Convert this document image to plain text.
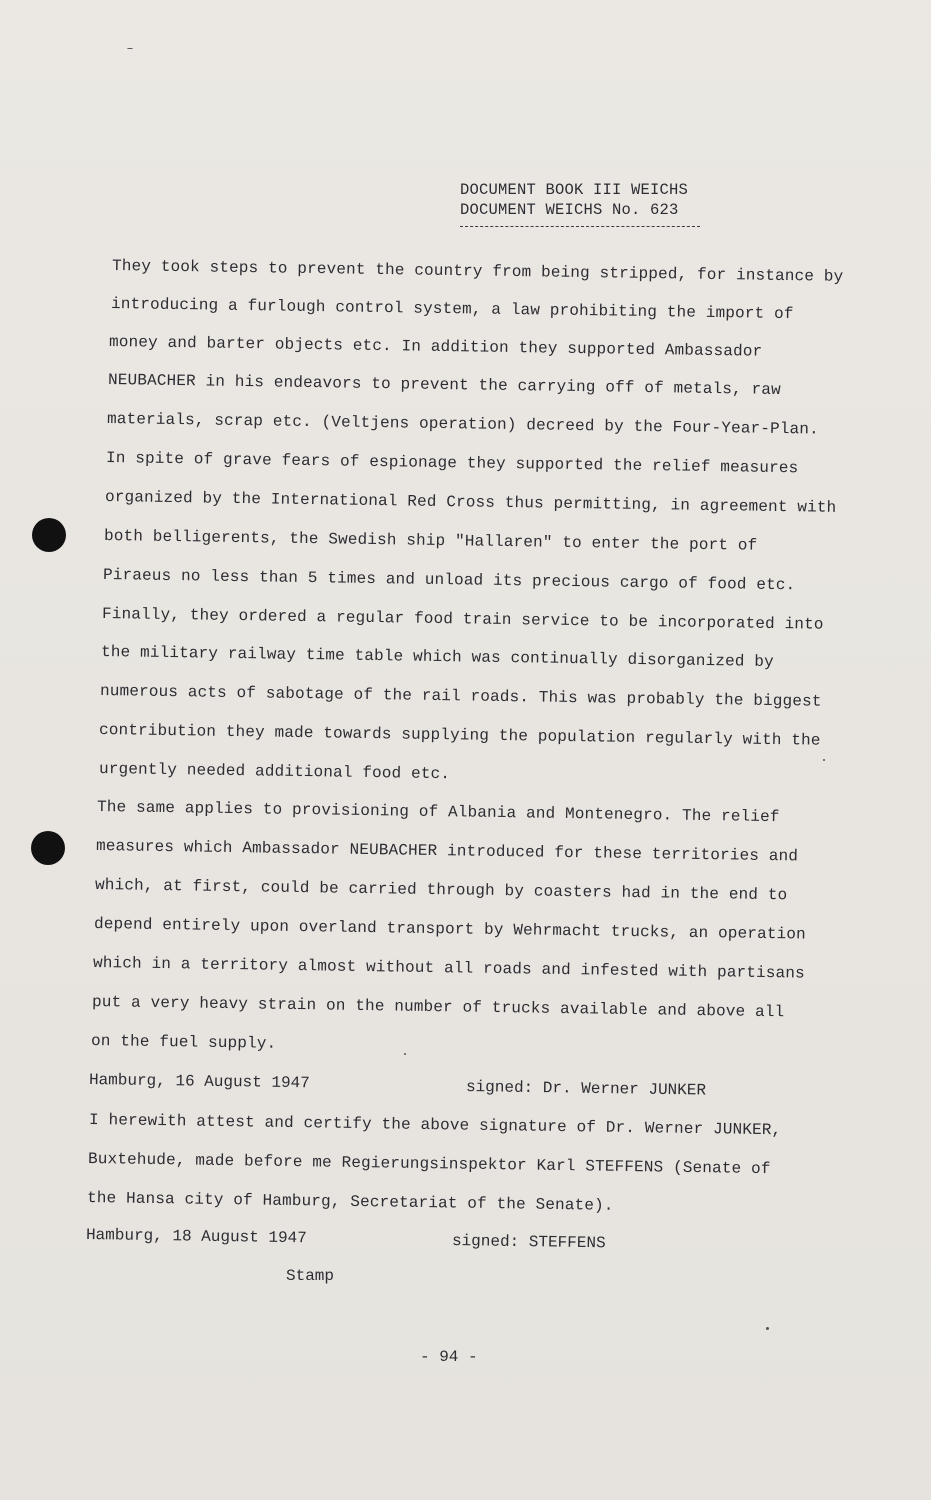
DOCUMENT BOOK III WEICHS
DOCUMENT WEICHS No. 623
They took steps to prevent the country from being stripped, for instance by
introducing a furlough control system, a law prohibiting the import of
money and barter objects etc. In addition they supported Ambassador
NEUBACHER in his endeavors to prevent the carrying off of metals, raw
materials, scrap etc. (Veltjens operation) decreed by the Four-Year-Plan.
In spite of grave fears of espionage they supported the relief measures
organized by the International Red Cross thus permitting, in agreement with
both belligerents, the Swedish ship "Hallaren" to enter the port of
Piraeus no less than 5 times and unload its precious cargo of food etc.
Finally, they ordered a regular food train service to be incorporated into
the military railway time table which was continually disorganized by
numerous acts of sabotage of the rail roads. This was probably the biggest
contribution they made towards supplying the population regularly with the
urgently needed additional food etc.
The same applies to provisioning of Albania and Montenegro. The relief
measures which Ambassador NEUBACHER introduced for these territories and
which, at first, could be carried through by coasters had in the end to
depend entirely upon overland transport by Wehrmacht trucks, an operation
which in a territory almost without all roads and infested with partisans
put a very heavy strain on the number of trucks available and above all
on the fuel supply.
Hamburg, 16 August 1947	signed: Dr. Werner JUNKER
I herewith attest and certify the above signature of Dr. Werner JUNKER,
Buxtehude, made before me Regierungsinspektor Karl STEFFENS (Senate of
the Hansa city of Hamburg, Secretariat of the Senate).
Hamburg, 18 August 1947	signed: STEFFENS
Stamp
- 94 -
